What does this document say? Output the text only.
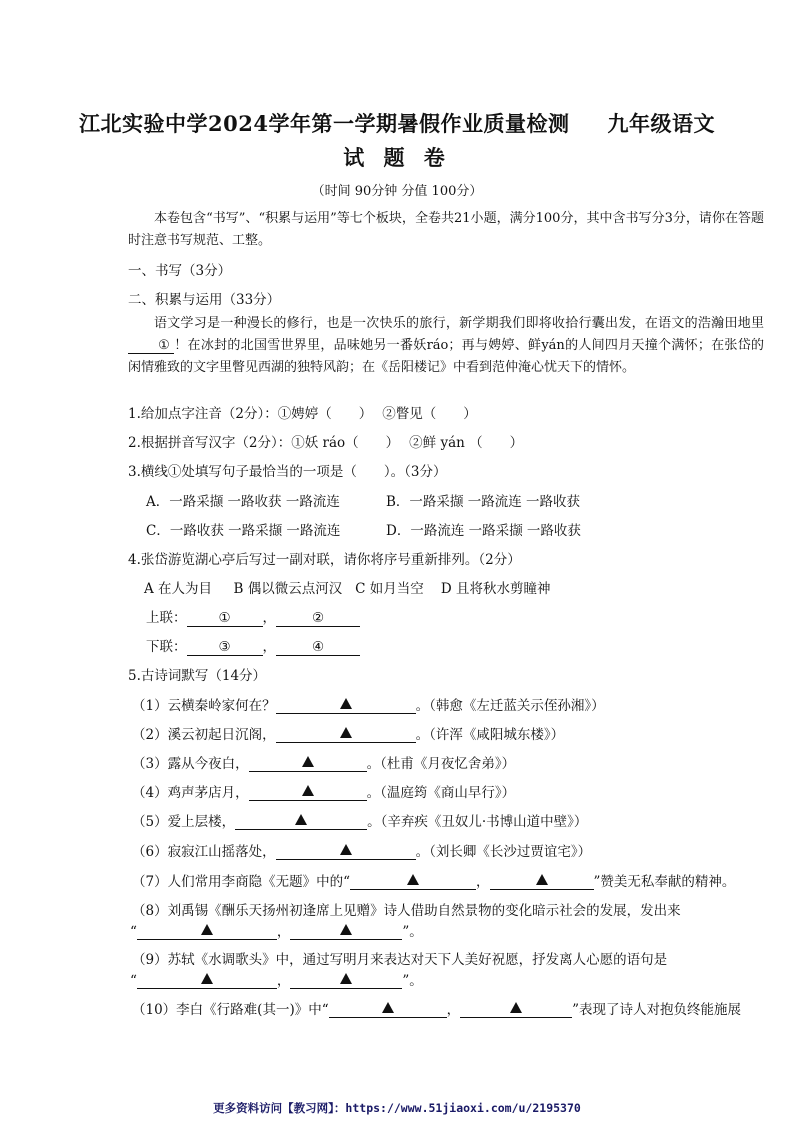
江北实验中学2024学年第一学期暑假作业质量检测 九年级语文
试 题 卷
（时间 90分钟 分值 100分）
本卷包含“书写”、“积累与运用”等七个板块，全卷共21小题，满分100分，其中含书写分3分，请你在答题时注意书写规范、工整。
一、书写（3分）
二、积累与运用（33分）
语文学习是一种漫长的修行，也是一次快乐的旅行，新学期我们即将收拾行囊出发，在语文的浩瀚田地里① ！在冰封的北国雪世界里，品味她另一番妖ráo；再与娉婷、鲜yán的人间四月天撞个满怀；在张岱的闲情雅致的文字里瞥见西湖的独特风韵；在《岳阳楼记》中看到范仲淹心忧天下的情怀。
1.给加点字注音（2分）：①娉婷（　　） ②瞥见（　　）
2.根据拼音写汉字（2分）：①妖 ráo（　　） ②鲜 yán （　　）
3.横线①处填写句子最恰当的一项是（　　）。（3分）
A．一路采撷 一路收获 一路流连	B．一路采撷 一路流连 一路收获
C．一路收获 一路采撷 一路流连	D．一路流连 一路采撷 一路收获
4.张岱游览湖心亭后写过一副对联，请你将序号重新排列。（2分）
A 在人为目     B 偶以微云点河汉   C 如月当空    D 且将秋水剪瞳神
上联： ① ，	②
下联： ③ ，	④
5.古诗词默写（14分）
（1）云横秦岭家何在？	。（韩愈《左迁蓝关示侄孙湘》）
（2）溪云初起日沉阁，	。（许浑《咸阳城东楼》）
（3）露从今夜白，	。（杜甫《月夜忆舍弟》）
（4）鸡声茅店月，	。（温庭筠《商山早行》）
（5）爱上层楼，	。（辛弃疾《丑奴儿·书博山道中壁》）
（6）寂寂江山摇落处，	。（刘长卿《长沙过贾谊宅》）
（7）人们常用李商隐《无题》中的“	，	”赞美无私奉献的精神。
（8）刘禹锡《酬乐天扬州初逢席上见赠》诗人借助自然景物的变化暗示社会的发展，发出来
“	，	”。
（9）苏轼《水调歌头》中，通过写明月来表达对天下人美好祝愿，抒发离人心愿的语句是
“	，	”。
（10）李白《行路难(其一)》中“	，	”表现了诗人对抱负终能施展
更多资料访问【教习网】：https://www.51jiaoxi.com/u/2195370
